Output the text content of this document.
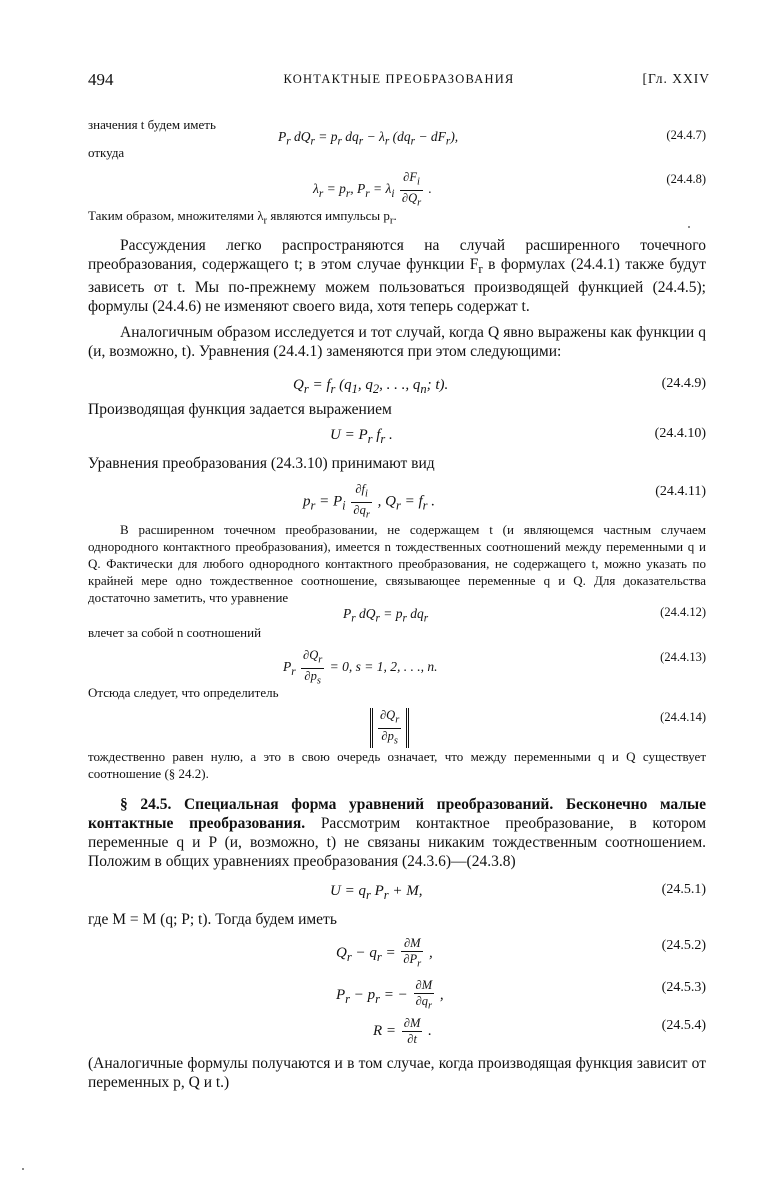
494	КОНТАКТНЫЕ ПРЕОБРАЗОВАНИЯ	[Гл. XXIV
значения t будем иметь
$P_r$ $dQ_r = p_r$ $dq_r - \lambda_r$ $(dq_r - dF_r)$,	(24.4.7)
откуда
$\lambda_r = p_r$, $P_r = \lambda_i \frac{\partial F_i}{\partial Q_r}$ .
(24.4.8)
Таким образом, множителями $\lambda_r$ являются импульсы $p_r$.
Рассуждения легко распространяются на случай расширенного точечного преобразования, содержащего t; в этом случае функции $F_r$ в формулах (24.4.1) также будут зависеть от t. Мы по-прежнему можем пользоваться производящей функцией (24.4.5); формулы (24.4.6) не изменяют своего вида, хотя теперь содержат t.
Аналогичным образом исследуется и тот случай, когда Q явно выражены как функции q (и, возможно, t). Уравнения (24.4.1) заменяются при этом следующими:
$Q_r = f_r$ ($q_1$, $q_2$, . . ., $q_n$; t).	(24.4.9)
Производящая функция задается выражением
$U = P_r$ $f_r$ .	(24.4.10)
Уравнения преобразования (24.3.10) принимают вид
$p_r = P_i \frac{\partial f_i}{\partial q_r}$ , $Q_r = f_r$ .
(24.4.11)
В расширенном точечном преобразовании, не содержащем t (и являющемся частным случаем однородного контактного преобразования), имеется n тождественных соотношений между переменными q и Q. Фактически для любого однородного контактного преобразования, не содержащего t, можно указать по крайней мере одно тождественное соотношение, связывающее переменные q и Q. Для доказательства достаточно заметить, что уравнение
$P_r$ $dQ_r = p_r$ $dq_r$	(24.4.12)
влечет за собой n соотношений
$P_r \frac{\partial Q_r}{\partial p_s} = 0$, s = 1, 2, . . ., n.
(24.4.13)
Отсюда следует, что определитель
$\frac{\partial Q_r}{\partial p_s}$	(24.4.14)
тождественно равен нулю, а это в свою очередь означает, что между переменными q и Q существует соотношение (§ 24.2).
§ 24.5. Специальная форма уравнений преобразований. Бесконечно малые контактные преобразования. Рассмотрим контактное преобразование, в котором переменные q и P (и, возможно, t) не связаны никаким тождественным соотношением. Положим в общих уравнениях преобразования (24.3.6)—(24.3.8)
$U = q_r$ $P_r + M$,	(24.5.1)
где M = M (q; P; t). Тогда будем иметь
$Q_r - q_r = \frac{\partial M}{\partial P_r}$ ,	(24.5.2)
$P_r - p_r$ = − $\frac{\partial M}{\partial q_r}$ ,	(24.5.3)
$R = \frac{\partial M}{\partial t}$ .	(24.5.4)
(Аналогичные формулы получаются и в том случае, когда производящая функция зависит от переменных p, Q и t.)
